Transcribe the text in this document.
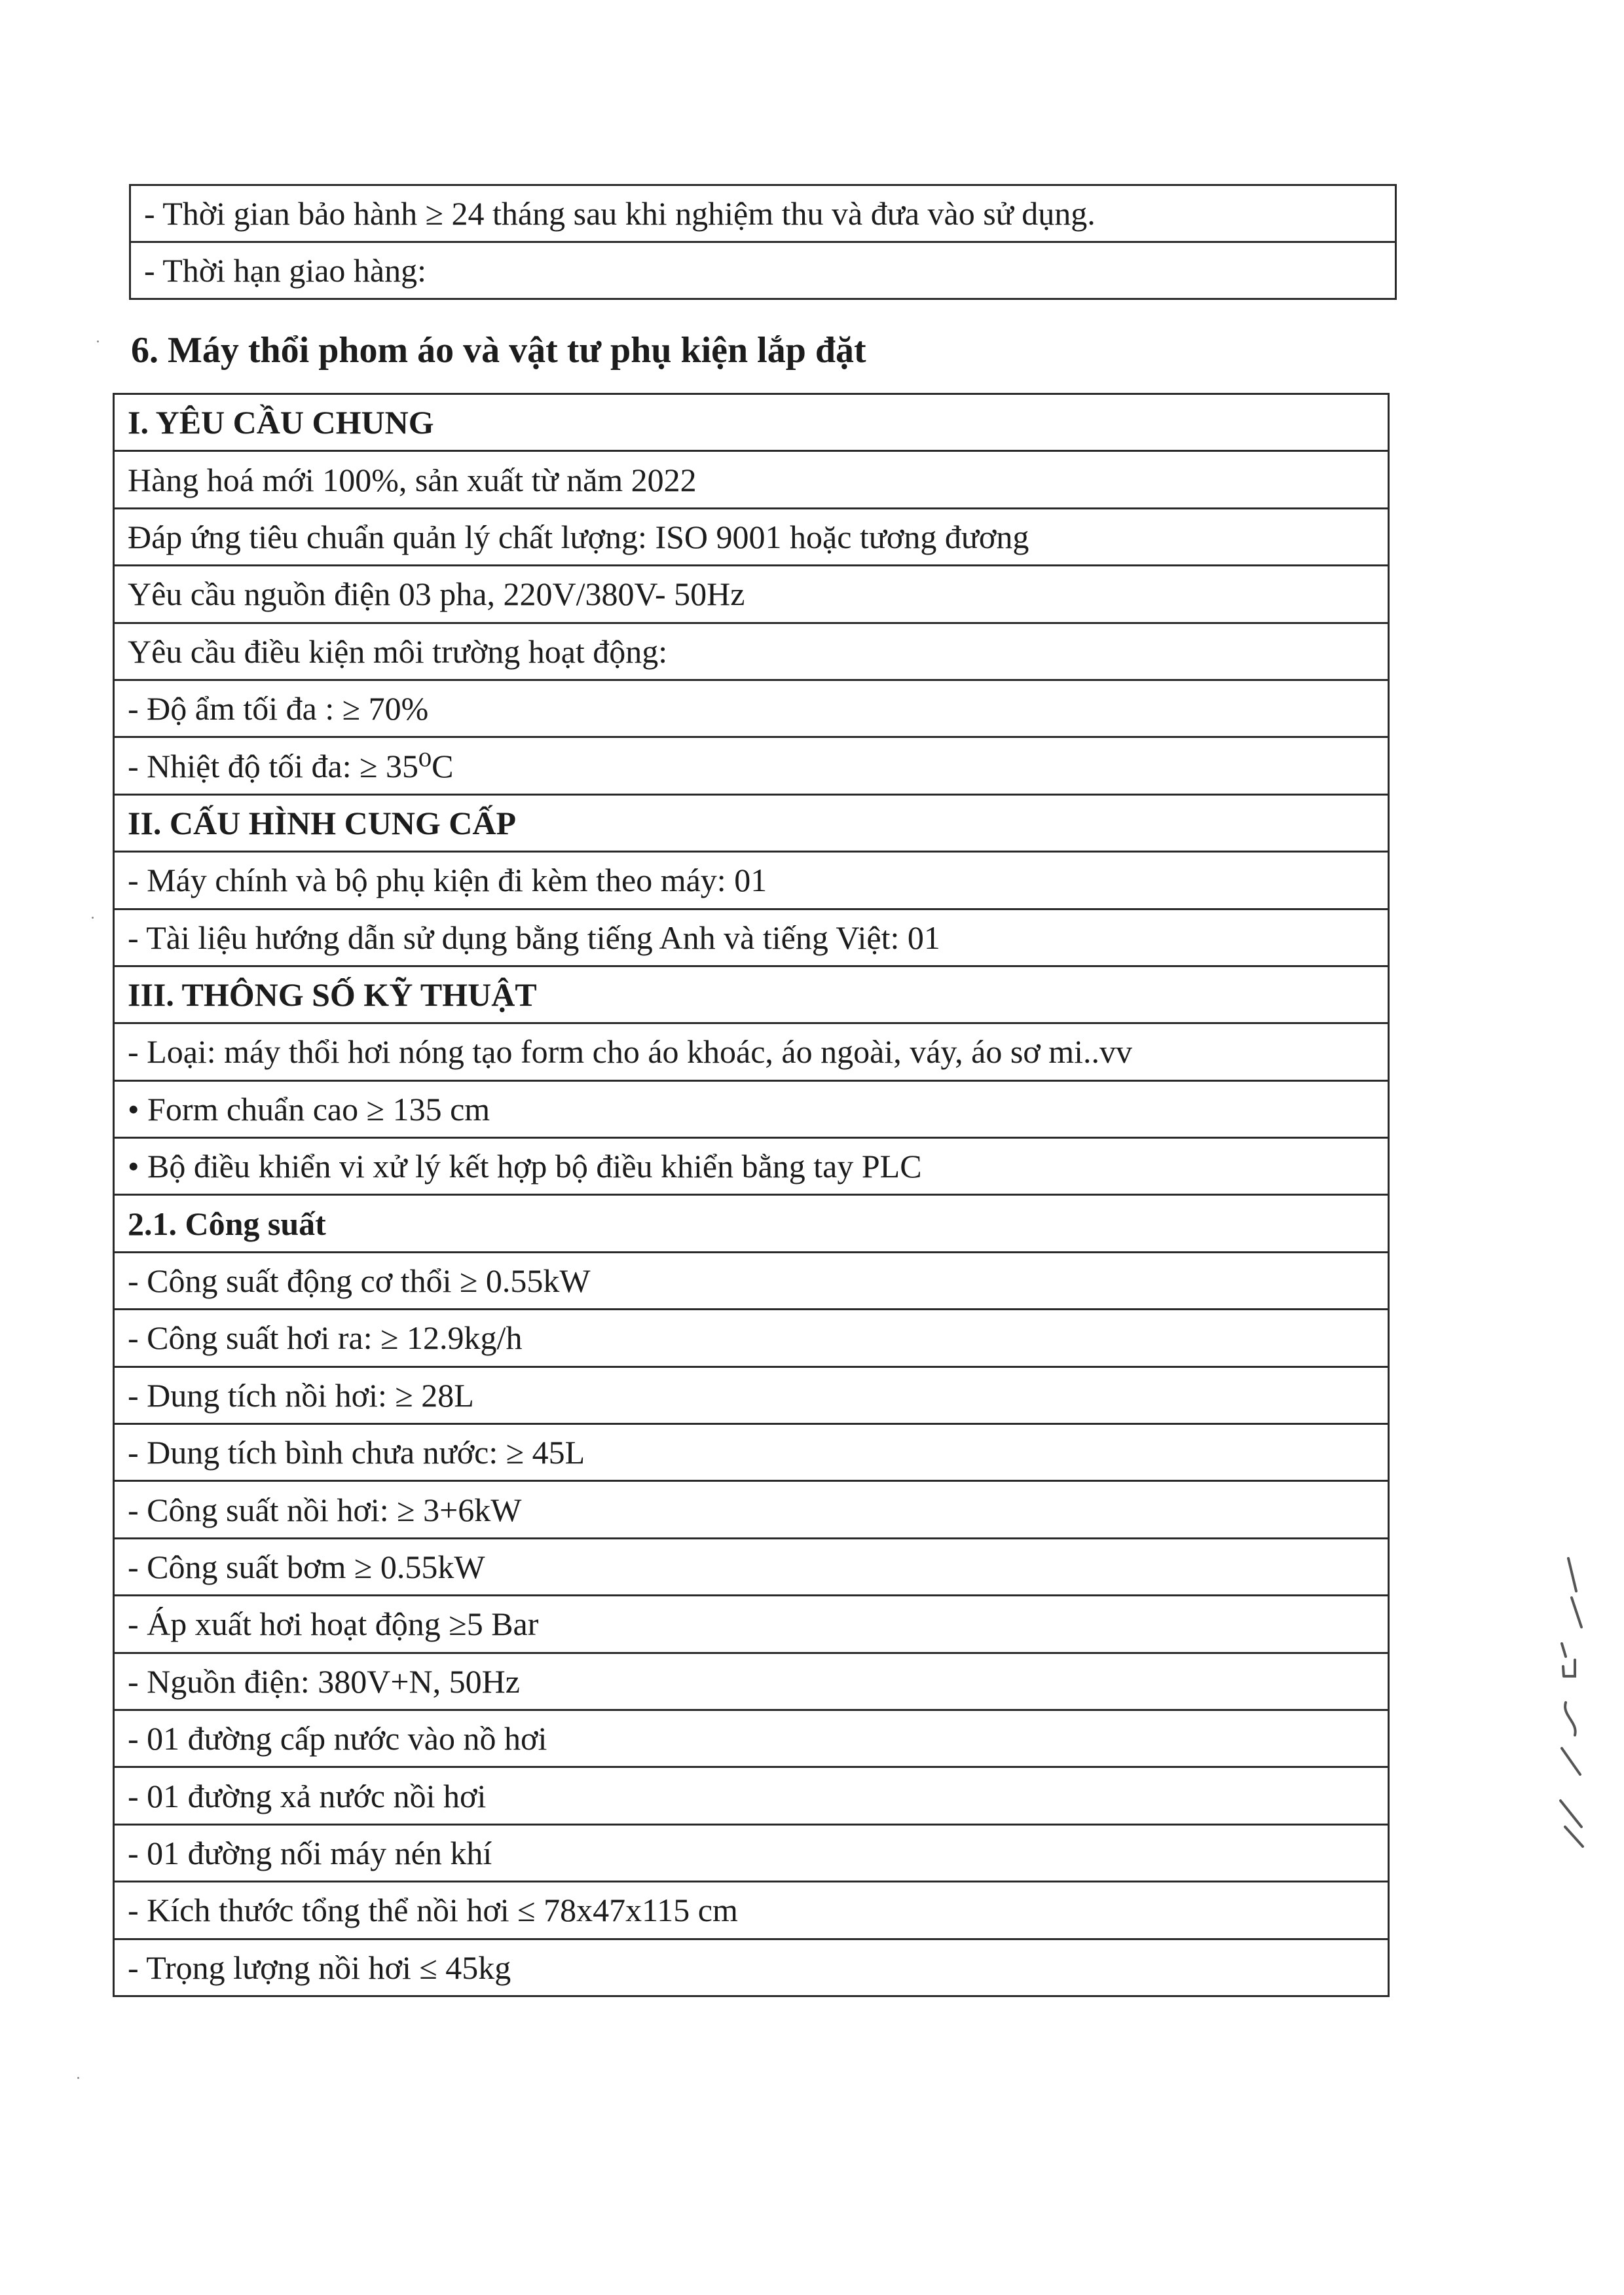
- Thời gian bảo hành ≥ 24 tháng sau khi nghiệm thu và đưa vào sử dụng.
- Thời hạn giao hàng:
6. Máy thổi phom áo và vật tư phụ kiện lắp đặt
I. YÊU CẦU CHUNG
Hàng hoá mới 100%, sản xuất từ năm 2022
Đáp ứng tiêu chuẩn quản lý chất lượng: ISO 9001 hoặc tương đương
Yêu cầu nguồn điện 03 pha, 220V/380V- 50Hz
Yêu cầu điều kiện môi trường hoạt động:
- Độ ẩm tối đa : ≥ 70%
- Nhiệt độ tối đa: ≥ 35⁰C
II. CẤU HÌNH CUNG CẤP
- Máy chính và bộ phụ kiện đi kèm theo máy: 01
- Tài liệu hướng dẫn sử dụng bằng tiếng Anh và tiếng Việt: 01
III. THÔNG SỐ KỸ THUẬT
- Loại: máy thổi hơi nóng tạo form cho áo khoác, áo ngoài, váy, áo sơ mi..vv
• Form chuẩn cao ≥ 135 cm
• Bộ điều khiển vi xử lý kết hợp bộ điều khiển bằng tay PLC
2.1. Công suất
- Công suất động cơ thổi ≥ 0.55kW
- Công suất hơi ra: ≥ 12.9kg/h
- Dung tích nồi hơi: ≥ 28L
- Dung tích bình chưa nước: ≥ 45L
- Công suất nồi hơi: ≥ 3+6kW
- Công suất bơm ≥ 0.55kW
- Áp xuất hơi hoạt động ≥5 Bar
- Nguồn điện: 380V+N, 50Hz
- 01 đường cấp nước vào nồ hơi
- 01 đường xả nước nồi hơi
- 01 đường nối máy nén khí
- Kích thước tổng thể nồi hơi ≤ 78x47x115 cm
- Trọng lượng nồi hơi ≤ 45kg
